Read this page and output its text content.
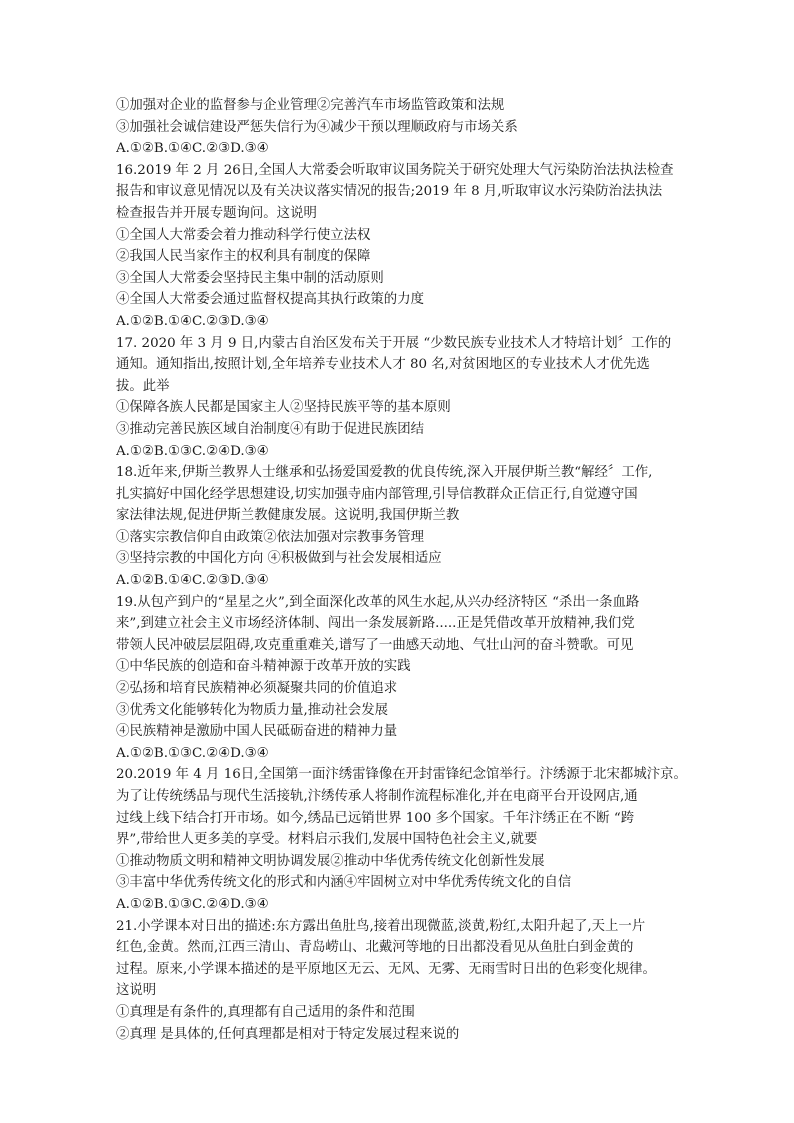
①加强对企业的监督参与企业管理②完善汽车市场监管政策和法规
③加强社会诚信建设严惩失信行为④减少干预以理顺政府与市场关系
A.①②B.①④C.②③D.③④
16.2019 年 2 月 26日,全国人大常委会听取审议国务院关于研究处理大气污染防治法执法检查
报告和审议意见情况以及有关决议落实情况的报告;2019 年 8 月,听取审议水污染防治法执法
检查报告并开展专题询问。这说明
①全国人大常委会着力推动科学行使立法权
②我国人民当家作主的权利具有制度的保障
③全国人大常委会坚持民主集中制的活动原则
④全国人大常委会通过监督权提高其执行政策的力度
A.①②B.①④C.②③D.③④
17. 2020 年 3 月 9 日,内蒙古自治区发布关于开展 “少数民族专业技术人才特培计划〞工作的
通知。通知指出,按照计划,全年培养专业技术人才 80 名,对贫困地区的专业技术人才优先选
拔。此举
①保障各族人民都是国家主人②坚持民族平等的基本原则
③推动完善民族区域自治制度④有助于促进民族团结
A.①②B.①③C.②④D.③④
18.近年来,伊斯兰教界人士继承和弘扬爱国爱教的优良传统,深入开展伊斯兰教“解经〞工作,
扎实搞好中国化经学思想建设,切实加强寺庙内部管理,引导信教群众正信正行,自觉遵守国
家法律法规,促进伊斯兰教健康发展。这说明,我国伊斯兰教
①落实宗教信仰自由政策②依法加强对宗教事务管理
③坚持宗教的中国化方向 ④积极做到与社会发展相适应
A.①②B.①④C.②③D.③④
19.从包产到户的“星星之火”,到全面深化改革的风生水起,从兴办经济特区 “杀出一条血路
来”,到建立社会主义市场经济体制、闯出一条发展新路.....正是凭借改革开放精神,我们党
带领人民冲破层层阻碍,攻克重重难关,谱写了一曲感天动地、气壮山河的奋斗赞歌。可见
①中华民族的创造和奋斗精神源于改革开放的实践
②弘扬和培育民族精神必须凝聚共同的价值追求
③优秀文化能够转化为物质力量,推动社会发展
④民族精神是激励中国人民砥砺奋进的精神力量
A.①②B.①③C.②④D.③④
20.2019 年 4 月 16日,全国第一面汴绣雷锋像在开封雷锋纪念馆举行。汴绣源于北宋都城汴京。
为了让传统绣品与现代生活接轨,汴绣传承人将制作流程标准化,并在电商平台开设网店,通
过线上线下结合打开市场。如今,绣品已远销世界 100 多个国家。千年汴绣正在不断 “跨
界”,带给世人更多美的享受。材料启示我们,发展中国特色社会主义,就要
①推动物质文明和精神文明协调发展②推动中华优秀传统文化创新性发展
③丰富中华优秀传统文化的形式和内涵④牢固树立对中华优秀传统文化的自信
A.①②B.①③C.②④D.③④
21.小学课本对日出的描述:东方露出鱼肚鸟,接着出现微蓝,淡黄,粉红,太阳升起了,天上一片
红色,金黄。然而,江西三清山、青岛崂山、北戴河等地的日出都没看见从鱼肚白到金黄的
过程。原来,小学课本描述的是平原地区无云、无风、无雾、无雨雪时日出的色彩变化规律。
这说明
①真理是有条件的,真理都有自己适用的条件和范围
②真理 是具体的,任何真理都是相对于特定发展过程来说的
